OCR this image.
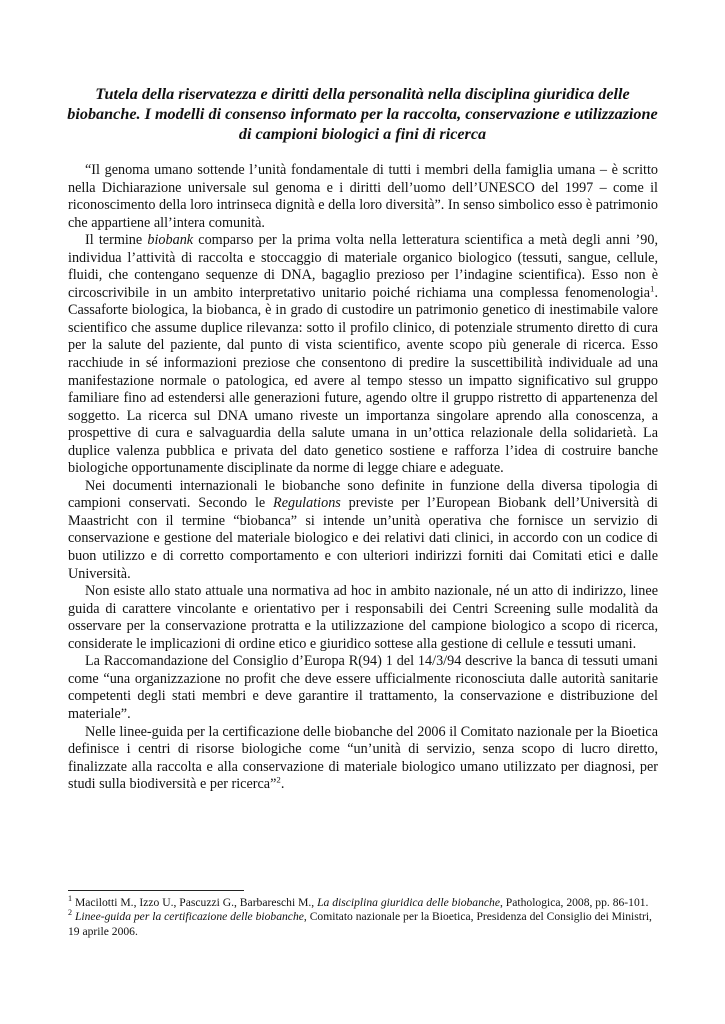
Tutela della riservatezza e diritti della personalità nella disciplina giuridica delle biobanche. I modelli di consenso informato per la raccolta, conservazione e utilizzazione di campioni biologici a fini di ricerca

“Il genoma umano sottende l’unità fondamentale di tutti i membri della famiglia umana – è scritto nella Dichiarazione universale sul genoma e i diritti dell’uomo dell’UNESCO del 1997 – come il riconoscimento della loro intrinseca dignità e della loro diversità”. In senso simbolico esso è patrimonio che appartiene all’intera comunità.

Il termine biobank comparso per la prima volta nella letteratura scientifica a metà degli anni ’90, individua l’attività di raccolta e stoccaggio di materiale organico biologico (tessuti, sangue, cellule, fluidi, che contengano sequenze di DNA, bagaglio prezioso per l’indagine scientifica). Esso non è circoscrivibile in un ambito interpretativo unitario poiché richiama una complessa fenomenologia$^1$. Cassaforte biologica, la biobanca, è in grado di custodire un patrimonio genetico di inestimabile valore scientifico che assume duplice rilevanza: sotto il profilo clinico, di potenziale strumento diretto di cura per la salute del paziente, dal punto di vista scientifico, avente scopo più generale di ricerca. Esso racchiude in sé informazioni preziose che consentono di predire la suscettibilità individuale ad una manifestazione normale o patologica, ed avere al tempo stesso un impatto significativo sul gruppo familiare fino ad estendersi alle generazioni future, agendo oltre il gruppo ristretto di appartenenza del soggetto. La ricerca sul DNA umano riveste un importanza singolare aprendo alla conoscenza, a prospettive di cura e salvaguardia della salute umana in un’ottica relazionale della solidarietà. La duplice valenza pubblica e privata del dato genetico sostiene e rafforza l’idea di costruire banche biologiche opportunamente disciplinate da norme di legge chiare e adeguate.

Nei documenti internazionali le biobanche sono definite in funzione della diversa tipologia di campioni conservati. Secondo le Regulations previste per l’European Biobank dell’Università di Maastricht con il termine “biobanca” si intende un’unità operativa che fornisce un servizio di conservazione e gestione del materiale biologico e dei relativi dati clinici, in accordo con un codice di buon utilizzo e di corretto comportamento e con ulteriori indirizzi forniti dai Comitati etici e dalle Università.

Non esiste allo stato attuale una normativa ad hoc in ambito nazionale, né un atto di indirizzo, linee guida di carattere vincolante e orientativo per i responsabili dei Centri Screening sulle modalità da osservare per la conservazione protratta e la utilizzazione del campione biologico a scopo di ricerca, considerate le implicazioni di ordine etico e giuridico sottese alla gestione di cellule e tessuti umani.

La Raccomandazione del Consiglio d’Europa R(94) 1 del 14/3/94 descrive la banca di tessuti umani come “una organizzazione no profit che deve essere ufficialmente riconosciuta dalle autorità sanitarie competenti degli stati membri e deve garantire il trattamento, la conservazione e distribuzione del materiale”.

Nelle linee-guida per la certificazione delle biobanche del 2006 il Comitato nazionale per la Bioetica definisce i centri di risorse biologiche come “un’unità di servizio, senza scopo di lucro diretto, finalizzate alla raccolta e alla conservazione di materiale biologico umano utilizzato per diagnosi, per studi sulla biodiversità e per ricerca”$^2$.

$^1$ Macilotti M., Izzo U., Pascuzzi G., Barbareschi M., La disciplina giuridica delle biobanche, Pathologica, 2008, pp. 86-101.

$^2$ Linee-guida per la certificazione delle biobanche, Comitato nazionale per la Bioetica, Presidenza del Consiglio dei Ministri, 19 aprile 2006.
